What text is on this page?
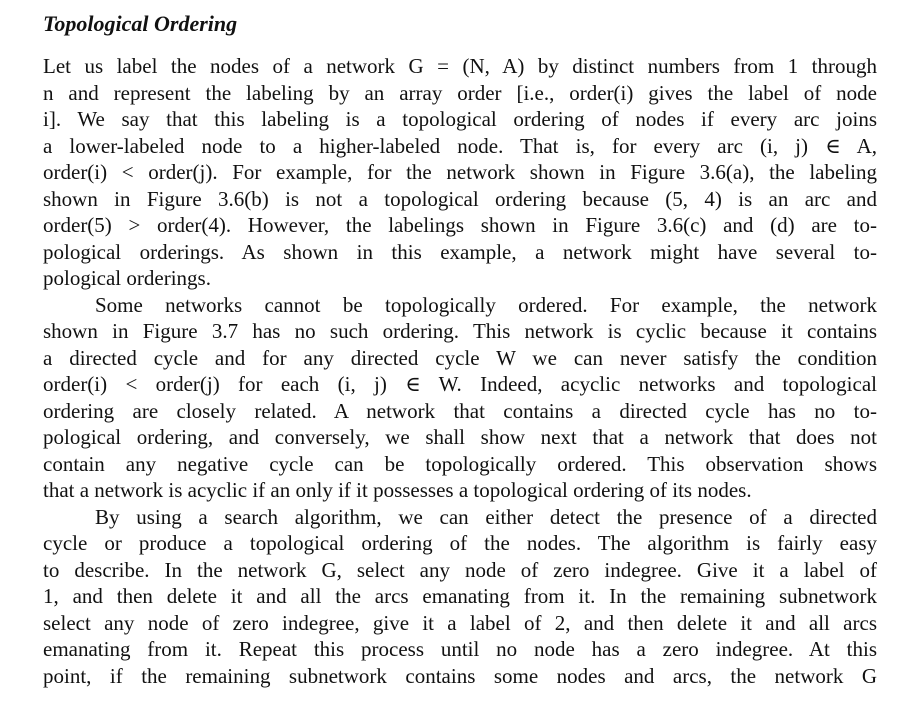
Topological Ordering
Let us label the nodes of a network G = (N, A) by distinct numbers from 1 through
n and represent the labeling by an array order [i.e., order(i) gives the label of node
i]. We say that this labeling is a topological ordering of nodes if every arc joins
a lower-labeled node to a higher-labeled node. That is, for every arc (i, j) ∈ A,
order(i) < order(j). For example, for the network shown in Figure 3.6(a), the labeling
shown in Figure 3.6(b) is not a topological ordering because (5, 4) is an arc and
order(5) > order(4). However, the labelings shown in Figure 3.6(c) and (d) are to-
pological orderings. As shown in this example, a network might have several to-
pological orderings.
Some networks cannot be topologically ordered. For example, the network
shown in Figure 3.7 has no such ordering. This network is cyclic because it contains
a directed cycle and for any directed cycle W we can never satisfy the condition
order(i) < order(j) for each (i, j) ∈ W. Indeed, acyclic networks and topological
ordering are closely related. A network that contains a directed cycle has no to-
pological ordering, and conversely, we shall show next that a network that does not
contain any negative cycle can be topologically ordered. This observation shows
that a network is acyclic if an only if it possesses a topological ordering of its nodes.
By using a search algorithm, we can either detect the presence of a directed
cycle or produce a topological ordering of the nodes. The algorithm is fairly easy
to describe. In the network G, select any node of zero indegree. Give it a label of
1, and then delete it and all the arcs emanating from it. In the remaining subnetwork
select any node of zero indegree, give it a label of 2, and then delete it and all arcs
emanating from it. Repeat this process until no node has a zero indegree. At this
point, if the remaining subnetwork contains some nodes and arcs, the network G
